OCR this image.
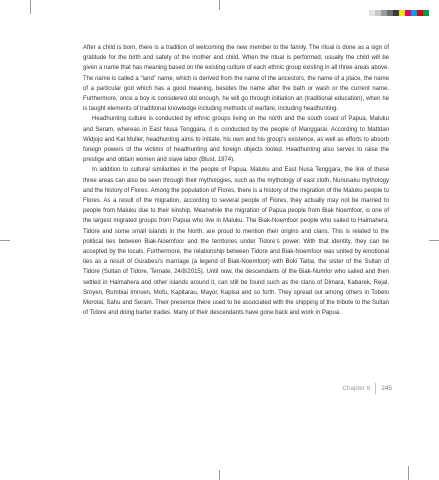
After a child is born, there is a tradition of welcoming the new member to the family. The ritual is done as a sign of gratitude for the birth and safety of the mother and child. When the ritual is performed, usually the child will be given a name that has meaning based on the existing culture of each ethnic group existing in all three areas above. The name is called a “land” name, which is derived from the name of the ancestors, the name of a place, the name of a particular god which has a good meaning, besides the name after the bath or wash or the current name. Furthermore, once a boy is considered old enough, he will go through initiation an (traditional education), when he is taught elements of traditional knowledge including methods of warfare, including headhunting.

Headhunting culture is conducted by ethnic groups living on the north and the south coast of Papua, Maluku and Seram, whereas in East Nusa Tenggara, it is conducted by the people of Manggarai. According to Mattdan Widjojo and Kal Muller, headhunting aims to initiate, his own and his group’s existence, as well as efforts to absorb foreign powers of the victims of headhunting and foreign objects looted. Headhunting also serves to raise the prestige and obtain women and slave labor (Blust, 1974).

In addition to cultural similarities in the people of Papua, Maluku and East Nusa Tenggara, the link of these three areas can also be seen through their mythologies, such as the mythology of east cloth, Nunusaku mythology and the history of Flores. Among the population of Flores, there is a history of the migration of the Maluku people to Flores. As a result of the migration, according to several people of Flores, they actually may not be married to people from Maluku due to their kinship. Meanwhile the migration of Papua people from Biak Noemfoor, is one of the largest migrated groups from Papua who live in Maluku. The Biak-Noemfoor people who sailed to Halmahera, Tidore and some small islands in the North, are proud to mention their origins and clans. This is related to the political ties between Biak-Noemfoor and the territories under Tidore’s power. With that identity, they can be accepted by the locals. Furthermore, the relationship between Tidore and Biak-Noemfoor was united by emotional ties as a result of Gurabesi’s marriage (a legend of Biak-Noemfoor) with Boki Taiba, the sister of the Sultan of Tidore (Sultan of Tidore, Ternate, 24/8/2015). Until now, the descendants of the Biak-Numfor who sailed and then settled in Halmahera and other islands around it, can still be found such as the clans of Dimara, Kabarek, Rejal, Sroyen, Rumbiai Imnsen, Mofu, Kapitarau, Mayor, Kapisa and so forth. They spread out among others in Tobelo Morotai, Sahu and Seram. Their presence there used to be associated with the shipping of the tribute to the Sultan of Tidore and doing barter trades. Many of their descendants have gone back and work in Papua.

Chapter 6 245
